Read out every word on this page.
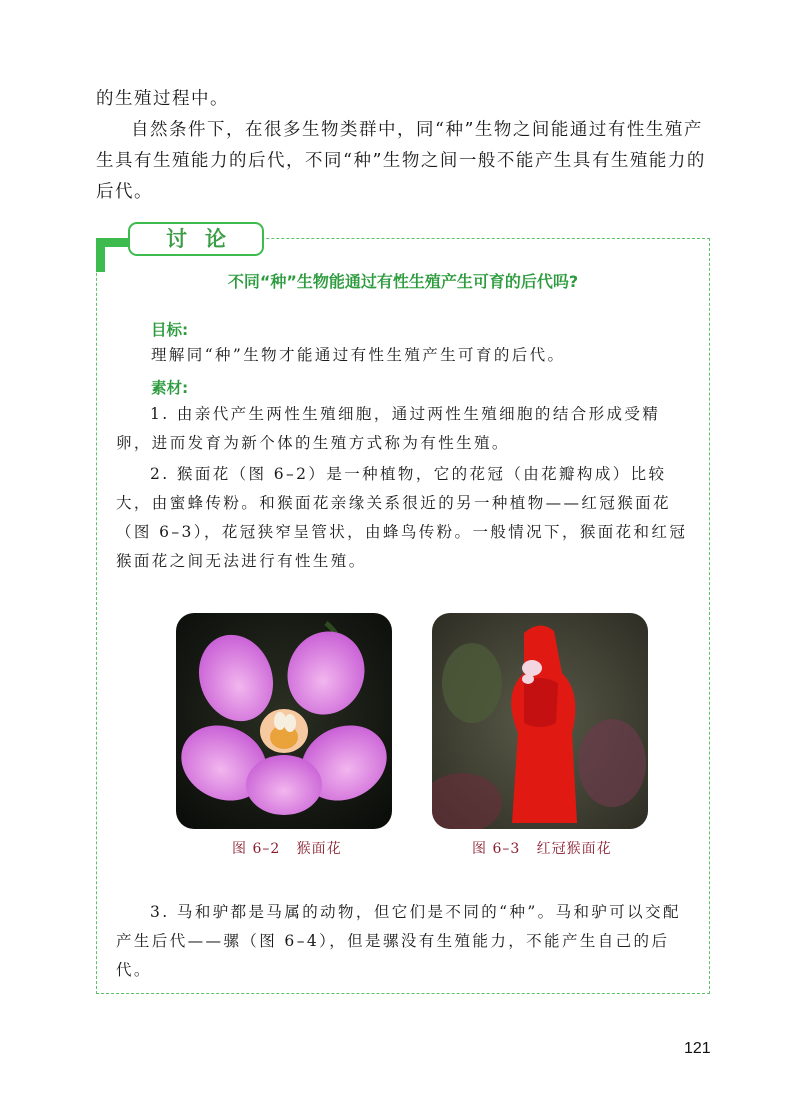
的生殖过程中。

自然条件下，在很多生物类群中，同“种”生物之间能通过有性生殖产生具有生殖能力的后代，不同“种”生物之间一般不能产生具有生殖能力的后代。

讨论

不同“种”生物能通过有性生殖产生可育的后代吗?

目标:

理解同“种”生物才能通过有性生殖产生可育的后代。

素材:

1. 由亲代产生两性生殖细胞，通过两性生殖细胞的结合形成受精卵，进而发育为新个体的生殖方式称为有性生殖。

2. 猴面花（图 6–2）是一种植物，它的花冠（由花瓣构成）比较大，由蜜蜂传粉。和猴面花亲缘关系很近的另一种植物——红冠猴面花（图 6–3），花冠狭窄呈管状，由蜂鸟传粉。一般情况下，猴面花和红冠猴面花之间无法进行有性生殖。

图 6–2   猴面花	图 6–3   红冠猴面花

3. 马和驴都是马属的动物，但它们是不同的“种”。马和驴可以交配产生后代——骡（图 6–4），但是骡没有生殖能力，不能产生自己的后代。

121
